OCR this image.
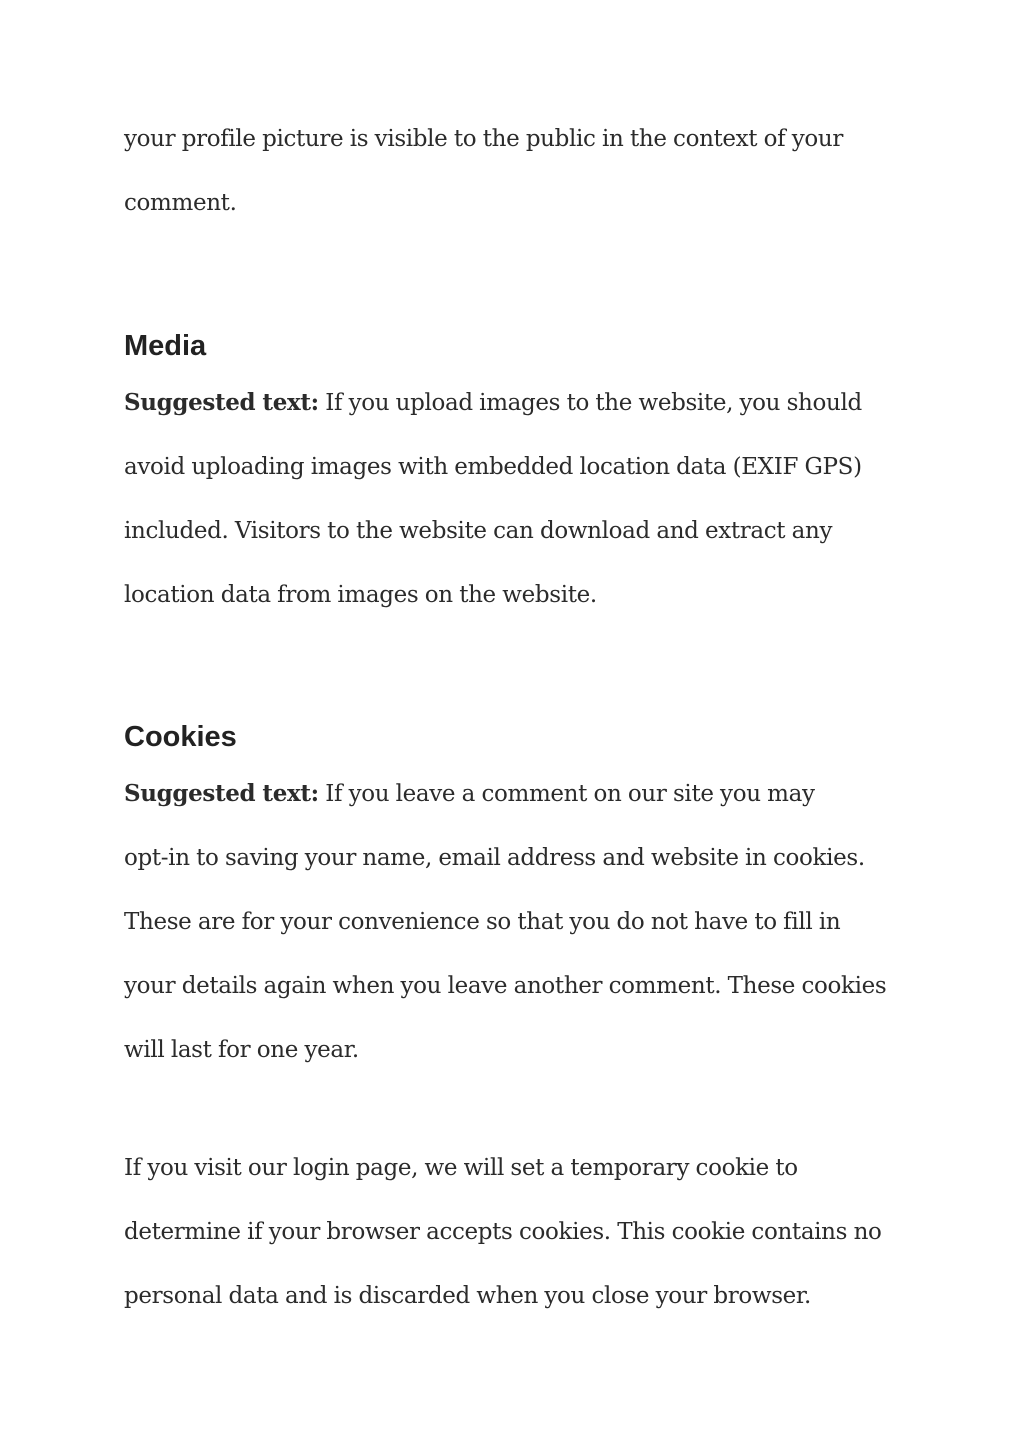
your profile picture is visible to the public in the context of your
comment.

Media

Suggested text: If you upload images to the website, you should
avoid uploading images with embedded location data (EXIF GPS)
included. Visitors to the website can download and extract any
location data from images on the website.

Cookies

Suggested text: If you leave a comment on our site you may
opt-in to saving your name, email address and website in cookies.
These are for your convenience so that you do not have to fill in
your details again when you leave another comment. These cookies
will last for one year.

If you visit our login page, we will set a temporary cookie to
determine if your browser accepts cookies. This cookie contains no
personal data and is discarded when you close your browser.
